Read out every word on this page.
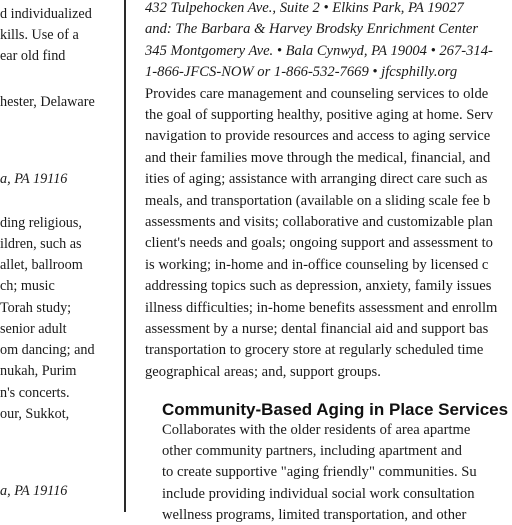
d individualized
kills. Use of a
ear old find
hester, Delaware
a, PA 19116
ding religious,
ildren, such as
allet, ballroom
ch; music
Torah study;
senior adult
om dancing; and
nukah, Purim
n's concerts.
our, Sukkot,
a, PA 19116
432 Tulpehocken Ave., Suite 2 • Elkins Park, PA 19027
and: The Barbara & Harvey Brodsky Enrichment Center
345 Montgomery Ave. • Bala Cynwyd, PA 19004 • 267-314-
1-866-JFCS-NOW or 1-866-532-7669 • jfcsphilly.org
Provides care management and counseling services to olde
the goal of supporting healthy, positive aging at home. Serv
navigation to provide resources and access to aging service
and their families move through the medical, financial, and
ities of aging; assistance with arranging direct care such as
meals, and transportation (available on a sliding scale fee b
assessments and visits; collaborative and customizable plan
client's needs and goals; ongoing support and assessment to
is working; in-home and in-office counseling by licensed c
addressing topics such as depression, anxiety, family issues
illness difficulties; in-home benefits assessment and enrollm
assessment by a nurse; dental financial aid and support bas
transportation to grocery store at regularly scheduled time
geographical areas; and, support groups.
Community-Based Aging in Place Services
Collaborates with the older residents of area apartme
other community partners, including apartment and
to create supportive "aging friendly" communities. Su
include providing individual social work consultation
wellness programs, limited transportation, and other
